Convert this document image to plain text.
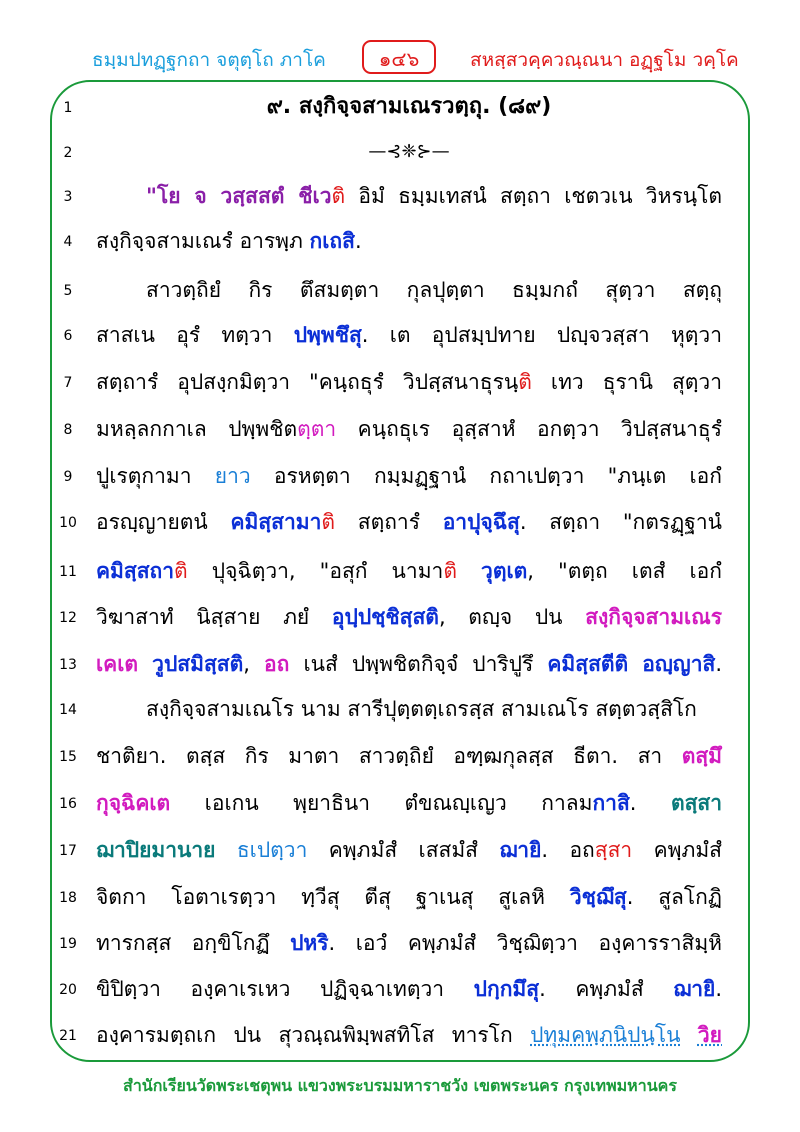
ธมฺมปทฏฺฐกถา จตุตฺโถ ภาโค	๑๔๖	สหสฺสวคฺควณฺณนา อฏฺฐโม วคฺโค
1	๙. สงฺกิจฺจสามเณรวตฺถุ. (๘๙)
2	—⊰❈⊱—
3	"โย จ วสฺสสตํ ชีเวติ อิมํ ธมฺมเทสนํ สตฺถา เชตวเน วิหรนฺโต
4	สงฺกิจฺจสามเณรํ อารพฺภ กเถสิ.
5	สาวตฺถิยํ กิร ตึสมตฺตา กุลปุตฺตา ธมฺมกถํ สุตฺวา สตฺถุ
6	สาสเน อุรํ ทตฺวา ปพฺพชึสุ. เต อุปสมฺปทาย ปญฺจวสฺสา หุตฺวา
7	สตฺถารํ อุปสงฺกมิตฺวา "คนฺถธุรํ วิปสฺสนาธุรนฺติ เทว ธุรานิ สุตฺวา
8	มหลฺลกกาเล ปพฺพชิตตฺตา คนฺถธุเร อุสฺสาหํ อกตฺวา วิปสฺสนาธุรํ
9	ปูเรตุกามา ยาว อรหตฺตา กมฺมฏฺฐานํ กถาเปตฺวา "ภนฺเต เอกํ
10 อรญฺญายตนํ คมิสฺสามาติ สตฺถารํ อาปุจฺฉึสุ. สตฺถา "กตรฏฺฐานํ
11 คมิสฺสถาติ ปุจฺฉิตฺวา, "อสุกํ นามาติ วุตฺเต, "ตตฺถ เตสํ เอกํ
12 วิฆาสาทํ นิสฺสาย ภยํ อุปฺปชฺชิสฺสติ, ตญฺจ ปน สงฺกิจฺจสามเณร
13 เคเต วูปสมิสฺสติ, อถ เนสํ ปพฺพชิตกิจฺจํ ปาริปูรึ คมิสฺสตีติ อญฺญาสิ.
14	สงฺกิจฺจสามเณโร นาม สารีปุตฺตตฺเถรสฺส สามเณโร สตฺตวสฺสิโก
15 ชาติยา. ตสฺส กิร มาตา สาวตฺถิยํ อฑฺฒกุลสฺส ธีตา. สา ตสฺมึ
16 กุจฺฉิคเต เอเกน พฺยาธินา ตํขณญฺเญว กาลมกาสิ. ตสฺสา
17 ฌาปิยมานาย ธเปตฺวา คพฺภมํสํ เสสมํสํ ฌายิ. อถสฺสา คพฺภมํสํ
18 จิตกา โอตาเรตฺวา ทฺวีสุ ตีสุ ฐาเนสุ สูเลหิ วิชฺฌึสุ. สูลโกฏิ
19 ทารกสฺส อกฺขิโกฏึ ปหริ. เอวํ คพฺภมํสํ วิชฺฌิตฺวา องฺคารราสิมฺหิ
20 ขิปิตฺวา องฺคาเรเหว ปฏิจฺฉาเทตฺวา ปกฺกมึสุ. คพฺภมํสํ ฌายิ.
21 องฺคารมตฺถเก ปน สุวณฺณพิมฺพสทิโส ทารโก ปทุมคพฺภนิปนฺโน วิย
สำนักเรียนวัดพระเชตุพน แขวงพระบรมมหาราชวัง เขตพระนคร กรุงเทพมหานคร
